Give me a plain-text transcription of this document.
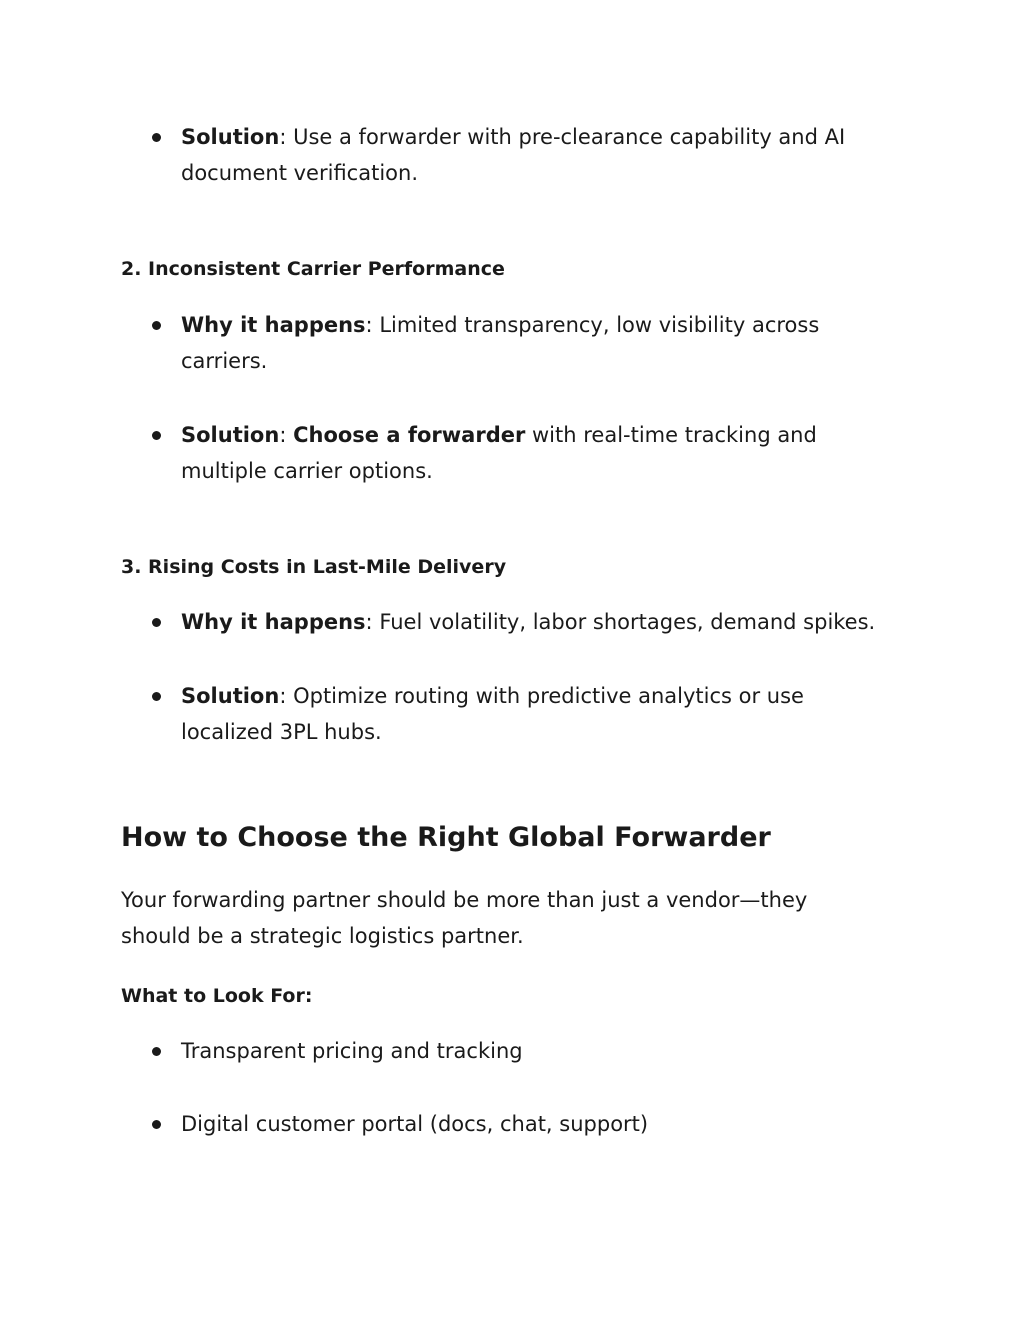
Solution: Use a forwarder with pre-clearance capability and AI document verification.
2. Inconsistent Carrier Performance
Why it happens: Limited transparency, low visibility across carriers.
Solution: Choose a forwarder with real-time tracking and multiple carrier options.
3. Rising Costs in Last-Mile Delivery
Why it happens: Fuel volatility, labor shortages, demand spikes.
Solution: Optimize routing with predictive analytics or use localized 3PL hubs.
How to Choose the Right Global Forwarder
Your forwarding partner should be more than just a vendor—they should be a strategic logistics partner.
What to Look For:
Transparent pricing and tracking
Digital customer portal (docs, chat, support)
